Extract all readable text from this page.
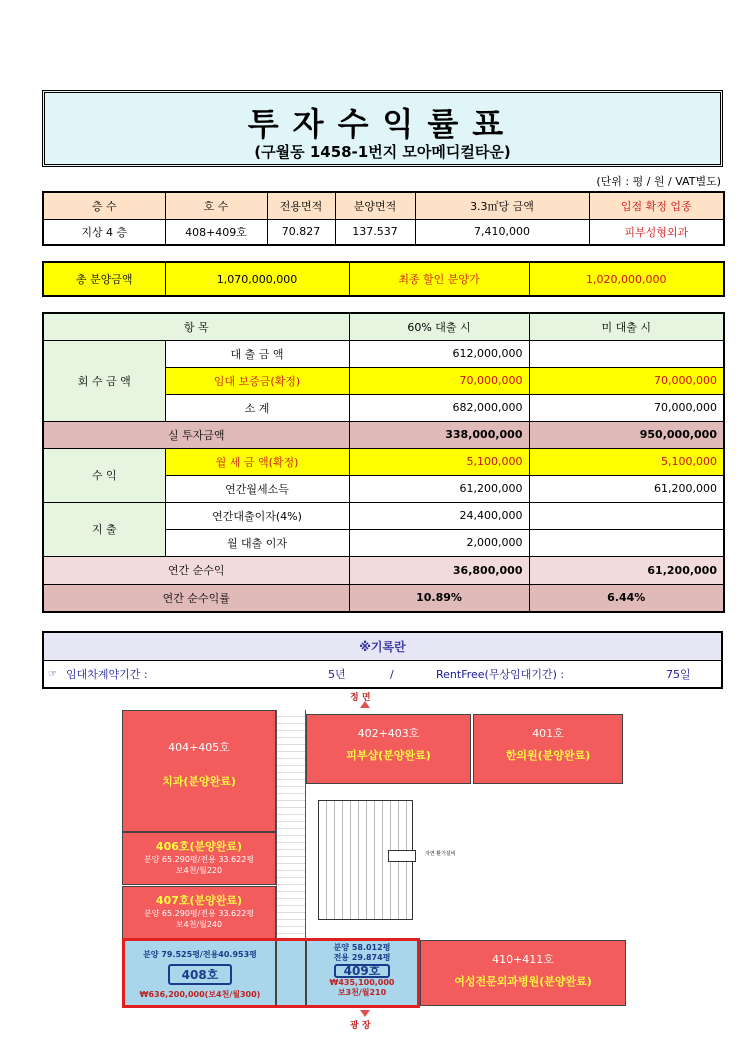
투자수익률표
(구월동 1458-1번지 모아메디컬타운)
(단위 : 평 / 원 / VAT별도)
층 수	호 수	전용면적	분양면적	3.3㎡당 금액	입점 확정 업종
지상 4 층	408+409호	70.827	137.537	7,410,000	피부성형외과
총 분양금액	1,070,000,000	최종 할인 분양가	1,020,000,000
항 목		60% 대출 시	미 대출 시
회 수 금 액	대 출 금 액	612,000,000	
	임대 보증금(확정)	70,000,000	70,000,000
	소 계	682,000,000	70,000,000
실 투자금액		338,000,000	950,000,000
수 익	월 세 금 액(확정)	5,100,000	5,100,000
	연간월세소득	61,200,000	61,200,000
지 출	연간대출이자(4%)	24,400,000	
	월 대출 이자	2,000,000	
연간 순수익		36,800,000	61,200,000
연간 순수익률		10.89%	6.44%
※기록란
☞ 임대차계약기간 :	5년	/	RentFree(무상임대기간) :	75일
정 면
자연 환기설비
402+403호
피부샵(분양완료)
401호
한의원(분양완료)
404+405호
치과(분양완료)
406호(분양완료)
분양 65.290평/전용 33.622평
보4천/월220
407호(분양완료)
분양 65.290평/전용 33.622평
보4천/월240
분양 79.525평/전용40.953평
408호
₩636,200,000(보4천/월300)
분양 58.012평
전용 29.874평
409호
₩435,100,000
보3천/월210
410+411호
여성전문외과병원(분양완료)
광 장
